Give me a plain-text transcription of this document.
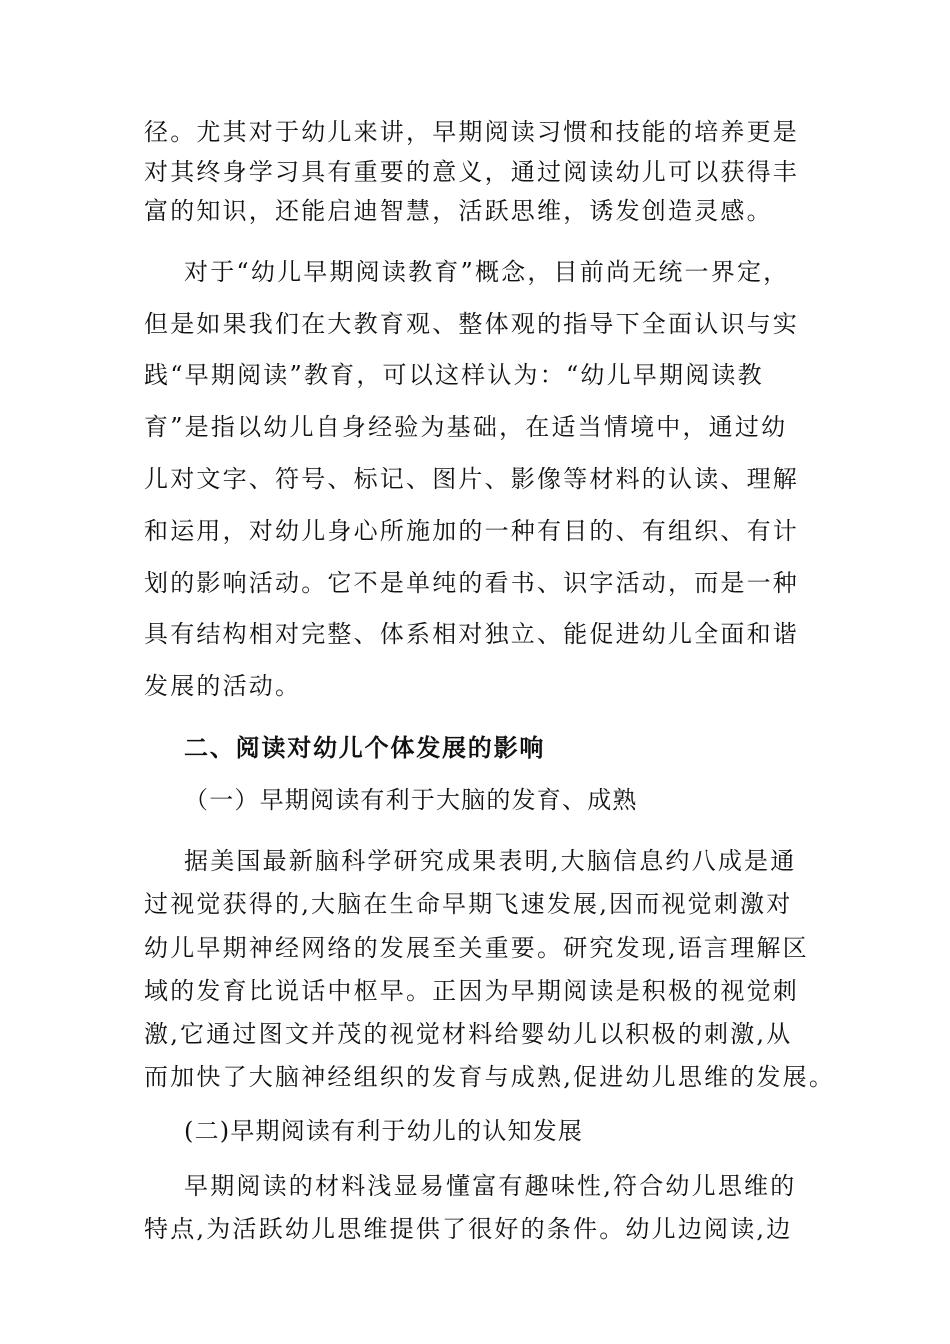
径。尤其对于幼儿来讲，早期阅读习惯和技能的培养更是
对其终身学习具有重要的意义，通过阅读幼儿可以获得丰
富的知识，还能启迪智慧，活跃思维，诱发创造灵感。
对于“幼儿早期阅读教育”概念，目前尚无统一界定，
但是如果我们在大教育观、整体观的指导下全面认识与实
践“早期阅读”教育，可以这样认为：“幼儿早期阅读教
育”是指以幼儿自身经验为基础，在适当情境中，通过幼
儿对文字、符号、标记、图片、影像等材料的认读、理解
和运用，对幼儿身心所施加的一种有目的、有组织、有计
划的影响活动。它不是单纯的看书、识字活动，而是一种
具有结构相对完整、体系相对独立、能促进幼儿全面和谐
发展的活动。
二、阅读对幼儿个体发展的影响
（一）早期阅读有利于大脑的发育、成熟
据美国最新脑科学研究成果表明,大脑信息约八成是通
过视觉获得的,大脑在生命早期飞速发展,因而视觉刺激对
幼儿早期神经网络的发展至关重要。研究发现,语言理解区
域的发育比说话中枢早。正因为早期阅读是积极的视觉刺
激,它通过图文并茂的视觉材料给婴幼儿以积极的刺激,从
而加快了大脑神经组织的发育与成熟,促进幼儿思维的发展。
(二)早期阅读有利于幼儿的认知发展
早期阅读的材料浅显易懂富有趣味性,符合幼儿思维的
特点,为活跃幼儿思维提供了很好的条件。幼儿边阅读,边
